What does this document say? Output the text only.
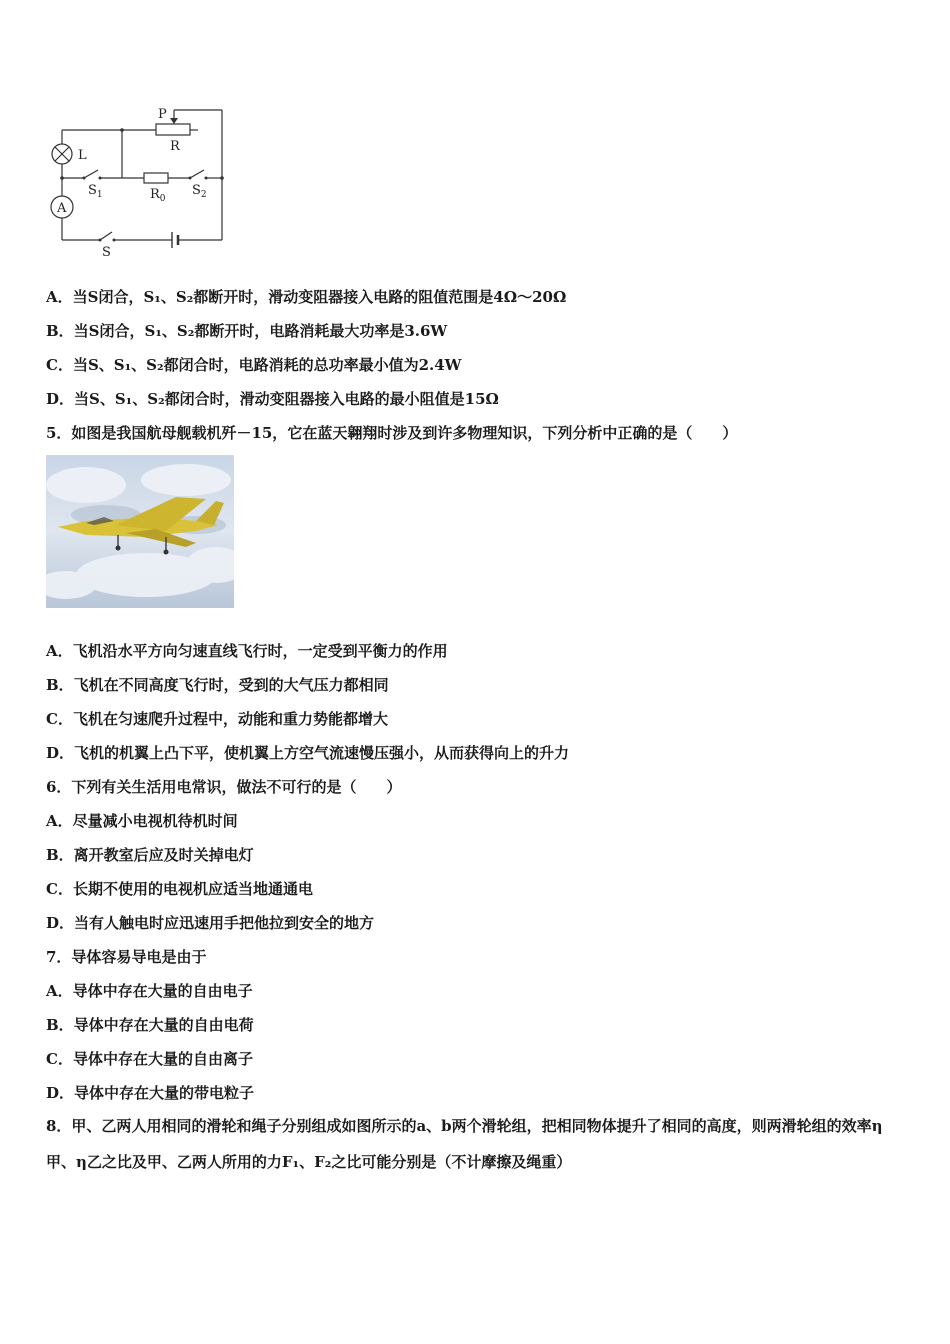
P
R
L
$S_1$	$R_0$
$S_2$
A
S
A．当S闭合，S₁、S₂都断开时，滑动变阻器接入电路的阻值范围是4Ω～20Ω
B．当S闭合，S₁、S₂都断开时，电路消耗最大功率是3.6W
C．当S、S₁、S₂都闭合时，电路消耗的总功率最小值为2.4W
D．当S、S₁、S₂都闭合时，滑动变阻器接入电路的最小阻值是15Ω
5．如图是我国航母舰载机歼－15，它在蓝天翱翔时涉及到许多物理知识，下列分析中正确的是（　　）
A．飞机沿水平方向匀速直线飞行时，一定受到平衡力的作用
B．飞机在不同高度飞行时，受到的大气压力都相同
C．飞机在匀速爬升过程中，动能和重力势能都增大
D．飞机的机翼上凸下平，使机翼上方空气流速慢压强小，从而获得向上的升力
6．下列有关生活用电常识，做法不可行的是（　　）
A．尽量减小电视机待机时间
B．离开教室后应及时关掉电灯
C．长期不使用的电视机应适当地通通电
D．当有人触电时应迅速用手把他拉到安全的地方
7．导体容易导电是由于
A．导体中存在大量的自由电子
B．导体中存在大量的自由电荷
C．导体中存在大量的自由离子
D．导体中存在大量的带电粒子
8．甲、乙两人用相同的滑轮和绳子分别组成如图所示的a、b两个滑轮组，把相同物体提升了相同的高度，则两滑轮组的效率η甲、η乙之比及甲、乙两人所用的力F₁、F₂之比可能分别是（不计摩擦及绳重）
